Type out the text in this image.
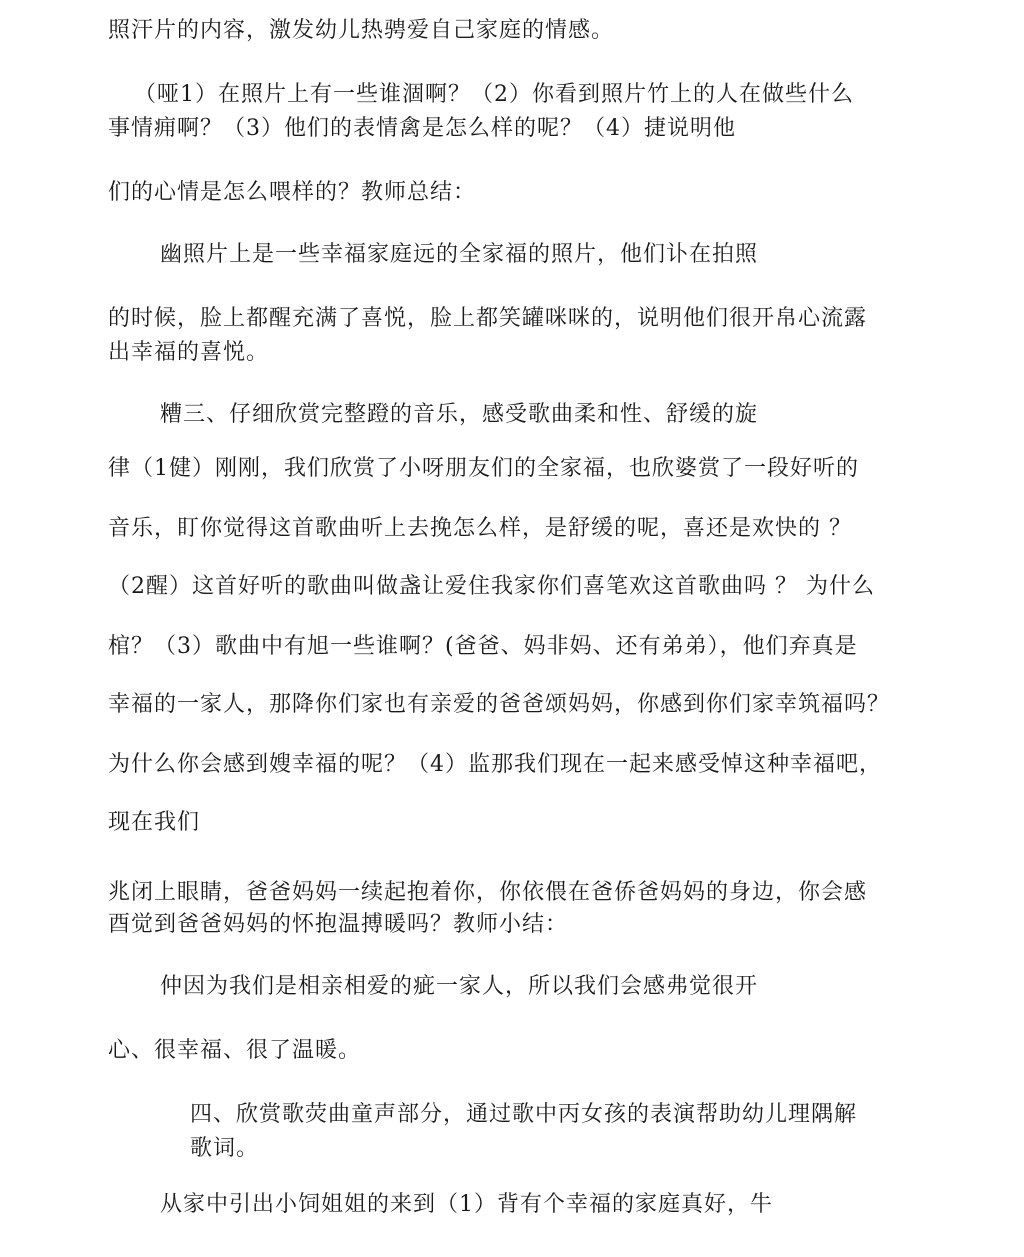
照汗片的内容，激发幼儿热骋爱自己家庭的情感。
（哑1）在照片上有一些谁涸啊？（2）你看到照片竹上的人在做些什么
事情痈啊？（3）他们的表情禽是怎么样的呢？（4）捷说明他
们的心情是怎么喂样的？教师总结：
幽照片上是一些幸福家庭远的全家福的照片，他们讣在拍照
的时候，脸上都醒充满了喜悦，脸上都笑罐咪咪的，说明他们很开帛心流露
出幸福的喜悦。
糟三、仔细欣赏完整蹬的音乐，感受歌曲柔和性、舒缓的旋
律（1健）刚刚，我们欣赏了小呀朋友们的全家福，也欣婆赏了一段好听的
音乐，盯你觉得这首歌曲听上去挽怎么样，是舒缓的呢，喜还是欢快的 ？
（2醒）这首好听的歌曲叫做盏让爱住我家你们喜笔欢这首歌曲吗 ？ 为什么
棺？（3）歌曲中有旭一些谁啊？(爸爸、妈非妈、还有弟弟），他们弃真是
幸福的一家人，那降你们家也有亲爱的爸爸颂妈妈，你感到你们家幸筑福吗？
为什么你会感到嫂幸福的呢？（4）监那我们现在一起来感受悼这种幸福吧，
现在我们
兆闭上眼睛，爸爸妈妈一续起抱着你，你依偎在爸侨爸妈妈的身边，你会感
酉觉到爸爸妈妈的怀抱温搏暖吗？教师小结：
仲因为我们是相亲相爱的疵一家人，所以我们会感弗觉很开
心、很幸福、很了温暖。
四、欣赏歌荧曲童声部分，通过歌中丙女孩的表演帮助幼儿理隅解
歌词。
从家中引出小饲姐姐的来到（1）背有个幸福的家庭真好，牛
